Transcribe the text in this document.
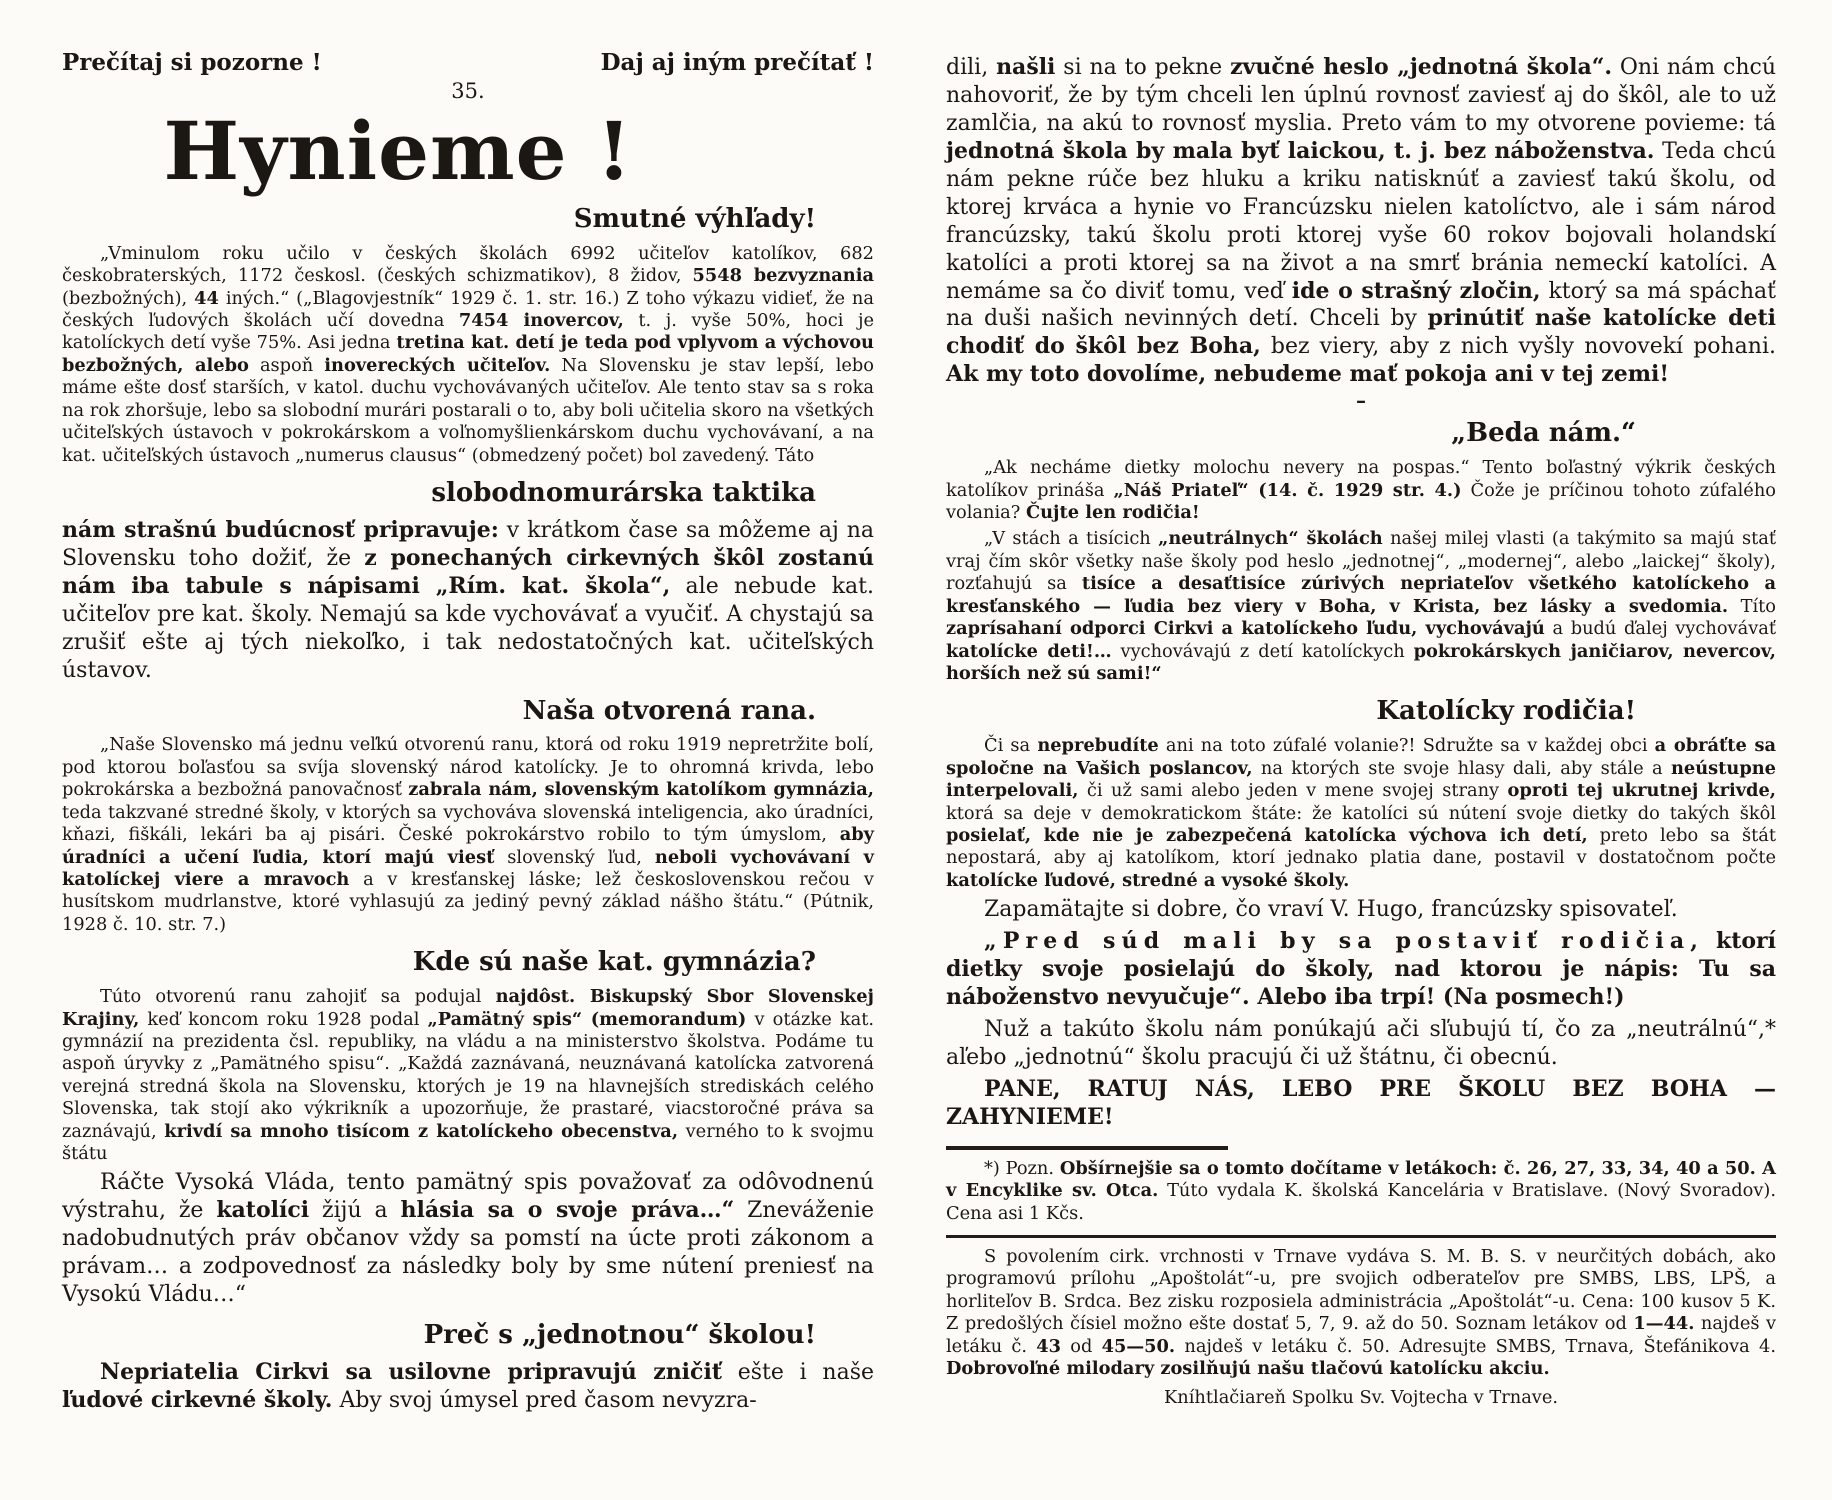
Prečítaj si pozorne !	Daj aj iným prečítať !
35.
Hynieme !
Smutné výhľady!

„Vminulom roku učilo v českých školách 6992 učiteľov katolíkov, 682 českobraterských, 1172 českosl. (českých schizmatikov), 8 židov, 5548 bezvyznania (bezbožných), 44 iných.“ („Blagovjestník“ 1929 č. 1. str. 16.) Z toho výkazu vidieť, že na českých ľudových školách učí dovedna 7454 inovercov, t. j. vyše 50%, hoci je katolíckych detí vyše 75%. Asi jedna tretina kat. detí je teda pod vplyvom a výchovou bezbožných, alebo aspoň inovereckých učiteľov. Na Slovensku je stav lepší, lebo máme ešte dosť starších, v katol. duchu vychovávaných učiteľov. Ale tento stav sa s roka na rok zhoršuje, lebo sa slobodní murári postarali o to, aby boli učitelia skoro na všetkých učiteľských ústavoch v pokrokárskom a voľnomyšlienkárskom duchu vychovávaní, a na kat. učiteľských ústavoch „numerus clausus“ (obmedzený počet) bol zavedený. Táto

slobodnomurárska taktika

nám strašnú budúcnosť pripravuje: v krátkom čase sa môžeme aj na Slovensku toho dožiť, že z ponechaných cirkevných škôl zostanú nám iba tabule s nápisami „Rím. kat. škola“, ale nebude kat. učiteľov pre kat. školy. Nemajú sa kde vychovávať a vyučiť. A chystajú sa zrušiť ešte aj tých niekoľko, i tak nedostatočných kat. učiteľských ústavov.

Naša otvorená rana.

„Naše Slovensko má jednu veľkú otvorenú ranu, ktorá od roku 1919 nepretržite bolí, pod ktorou boľasťou sa svíja slovenský národ katolícky. Je to ohromná krivda, lebo pokrokárska a bezbožná panovačnosť zabrala nám, slovenským katolíkom gymnázia, teda takzvané stredné školy, v ktorých sa vychováva slovenská inteligencia, ako úradníci, kňazi, fiškáli, lekári ba aj pisári. České pokrokárstvo robilo to tým úmyslom, aby úradníci a učení ľudia, ktorí majú viesť slovenský ľud, neboli vychovávaní v katolíckej viere a mravoch a v kresťanskej láske; lež československou rečou v husítskom mudrlanstve, ktoré vyhlasujú za jediný pevný základ nášho štátu.“ (Pútnik, 1928 č. 10. str. 7.)

Kde sú naše kat. gymnázia?

Túto otvorenú ranu zahojiť sa podujal najdôst. Biskupský Sbor Slovenskej Krajiny, keď koncom roku 1928 podal „Pamätný spis“ (memorandum) v otázke kat. gymnázií na prezidenta čsl. republiky, na vládu a na ministerstvo školstva. Podáme tu aspoň úryvky z „Pamätného spisu“. „Každá zaznávaná, neuznávaná katolícka zatvorená verejná stredná škola na Slovensku, ktorých je 19 na hlavnejších strediskách celého Slovenska, tak stojí ako výkrikník a upozorňuje, že prastaré, viacstoročné práva sa zaznávajú, krivdí sa mnoho tisícom z katolíckeho obecenstva, verného to k svojmu štátu

Ráčte Vysoká Vláda, tento pamätný spis považovať za odôvodnenú výstrahu, že katolíci žijú a hlásia sa o svoje práva…“ Zneváženie nadobudnutých práv občanov vždy sa pomstí na úcte proti zákonom a právam… a zodpovednosť za následky boly by sme nútení preniesť na Vysokú Vládu…“

Preč s „jednotnou“ školou!

Nepriatelia Cirkvi sa usilovne pripravujú zničiť ešte i naše ľudové cirkevné školy. Aby svoj úmysel pred časom nevyzra-

dili, našli si na to pekne zvučné heslo „jednotná škola“. Oni nám chcú nahovoriť, že by tým chceli len úplnú rovnosť zaviesť aj do škôl, ale to už zamlčia, na akú to rovnosť myslia. Preto vám to my otvorene povieme: tá jednotná škola by mala byť laickou, t. j. bez náboženstva. Teda chcú nám pekne rúče bez hluku a kriku natisknúť a zaviesť takú školu, od ktorej krváca a hynie vo Francúzsku nielen katolíctvo, ale i sám národ francúzsky, takú školu proti ktorej vyše 60 rokov bojovali holandskí katolíci a proti ktorej sa na život a na smrť bránia nemeckí katolíci. A nemáme sa čo diviť tomu, veď ide o strašný zločin, ktorý sa má spáchať na duši našich nevinných detí. Chceli by prinútiť naše katolícke deti chodiť do škôl bez Boha, bez viery, aby z nich vyšly novovekí pohani. Ak my toto dovolíme, nebudeme mať pokoja ani v tej zemi!

–
„Beda nám.“

„Ak necháme dietky molochu nevery na pospas.“ Tento boľastný výkrik českých katolíkov prináša „Náš Priateľ“ (14. č. 1929 str. 4.) Čože je príčinou tohoto zúfalého volania? Čujte len rodičia!

„V stách a tisícich „neutrálnych“ školách našej milej vlasti (a takýmito sa majú stať vraj čím skôr všetky naše školy pod heslo „jednotnej“, „modernej“, alebo „laickej“ školy), rozťahujú sa tisíce a desaťtisíce zúrivých nepriateľov všetkého katolíckeho a kresťanského — ľudia bez viery v Boha, v Krista, bez lásky a svedomia. Títo zaprísahaní odporci Cirkvi a katolíckeho ľudu, vychovávajú a budú ďalej vychovávať katolícke deti!… vychovávajú z detí katolíckych pokrokárskych janičiarov, nevercov, horších než sú sami!“

Katolícky rodičia!

Či sa neprebudíte ani na toto zúfalé volanie?! Sdružte sa v každej obci a obráťte sa spoločne na Vašich poslancov, na ktorých ste svoje hlasy dali, aby stále a neústupne interpelovali, či už sami alebo jeden v mene svojej strany oproti tej ukrutnej krivde, ktorá sa deje v demokratickom štáte: že katolíci sú nútení svoje dietky do takých škôl posielať, kde nie je zabezpečená katolícka výchova ich detí, preto lebo sa štát nepostará, aby aj katolíkom, ktorí jednako platia dane, postavil v dostatočnom počte katolícke ľudové, stredné a vysoké školy.

Zapamätajte si dobre, čo vraví V. Hugo, francúzsky spisovateľ.

„Pred súd mali by sa postaviť rodičia, ktorí dietky svoje posielajú do školy, nad ktorou je nápis: Tu sa náboženstvo nevyučuje“. Alebo iba trpí! (Na posmech!)

Nuž a takúto školu nám ponúkajú ači sľubujú tí, čo za „neutrálnú“,* aľebo „jednotnú“ školu pracujú či už štátnu, či obecnú.

PANE, RATUJ NÁS, LEBO PRE ŠKOLU BEZ BOHA — ZAHYNIEME!

*) Pozn. Obšírnejšie sa o tomto dočítame v letákoch: č. 26, 27, 33, 34, 40 a 50. A v Encyklike sv. Otca. Túto vydala K. školská Kancelária v Bratislave. (Nový Svoradov). Cena asi 1 Kčs.

S povolením cirk. vrchnosti v Trnave vydáva S. M. B. S. v neurčitých dobách, ako programovú prílohu „Apoštolát“-u, pre svojich odberateľov pre SMBS, LBS, LPŠ, a horliteľov B. Srdca. Bez zisku rozposiela administrácia „Apoštolát“-u. Cena: 100 kusov 5 K. Z predošlých čísiel možno ešte dostať 5, 7, 9. až do 50. Soznam letákov od 1—44. najdeš v letáku č. 43 od 45—50. najdeš v letáku č. 50. Adresujte SMBS, Trnava, Štefánikova 4. Dobrovoľné milodary zosilňujú našu tlačovú katolícku akciu.

Kníhtlačiareň Spolku Sv. Vojtecha v Trnave.
